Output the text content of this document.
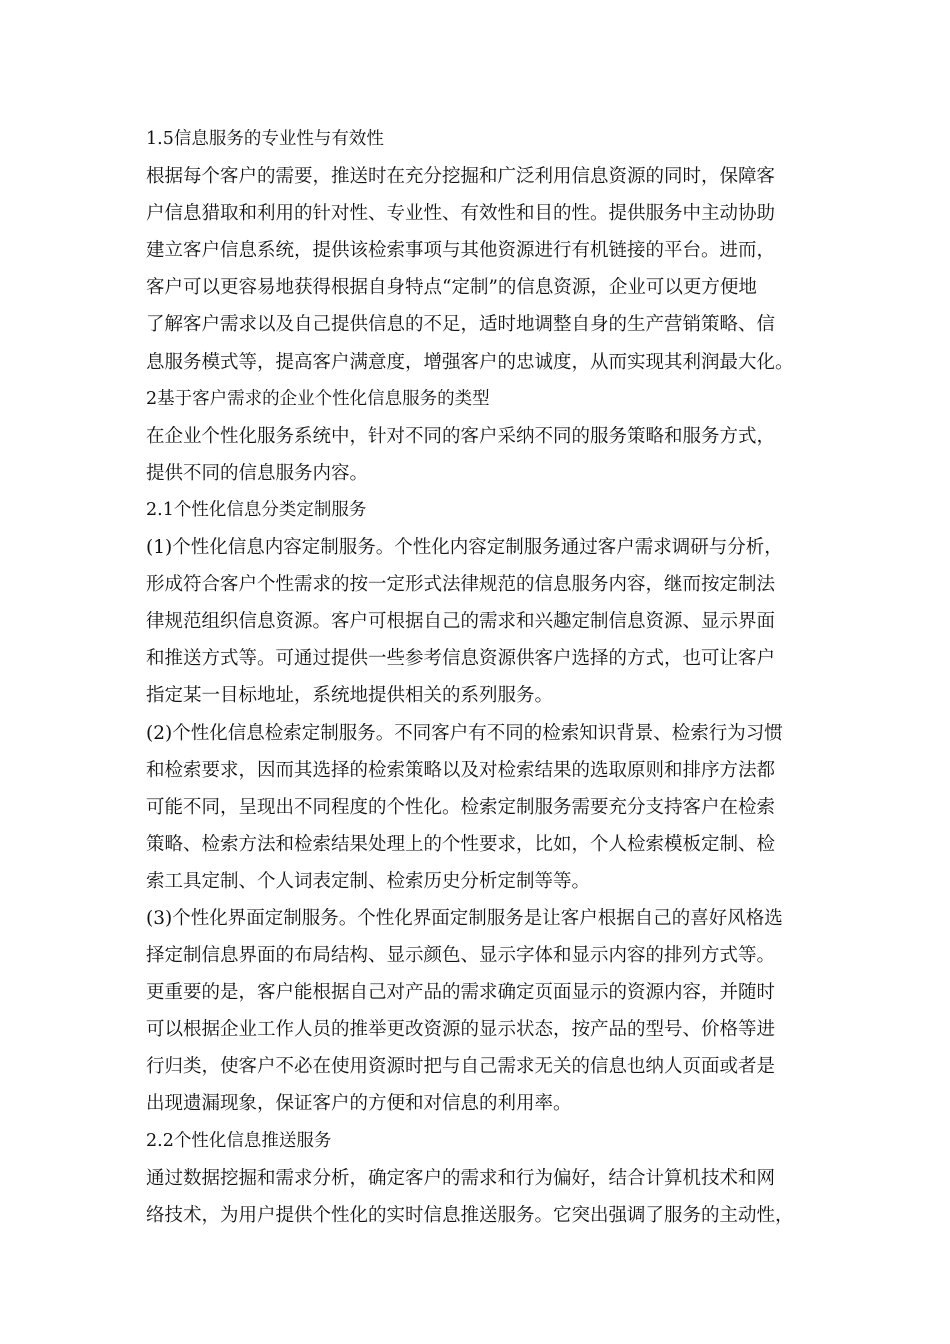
1.5信息服务的专业性与有效性
根据每个客户的需要，推送时在充分挖掘和广泛利用信息资源的同时，保障客
户信息猎取和利用的针对性、专业性、有效性和目的性。提供服务中主动协助
建立客户信息系统，提供该检索事项与其他资源进行有机链接的平台。进而，
客户可以更容易地获得根据自身特点“定制”的信息资源，企业可以更方便地
了解客户需求以及自己提供信息的不足，适时地调整自身的生产营销策略、信
息服务模式等，提高客户满意度，增强客户的忠诚度，从而实现其利润最大化。
2基于客户需求的企业个性化信息服务的类型
在企业个性化服务系统中，针对不同的客户采纳不同的服务策略和服务方式，
提供不同的信息服务内容。
2.1个性化信息分类定制服务
(1)个性化信息内容定制服务。个性化内容定制服务通过客户需求调研与分析，
形成符合客户个性需求的按一定形式法律规范的信息服务内容，继而按定制法
律规范组织信息资源。客户可根据自己的需求和兴趣定制信息资源、显示界面
和推送方式等。可通过提供一些参考信息资源供客户选择的方式，也可让客户
指定某一目标地址，系统地提供相关的系列服务。
(2)个性化信息检索定制服务。不同客户有不同的检索知识背景、检索行为习惯
和检索要求，因而其选择的检索策略以及对检索结果的选取原则和排序方法都
可能不同，呈现出不同程度的个性化。检索定制服务需要充分支持客户在检索
策略、检索方法和检索结果处理上的个性要求，比如，个人检索模板定制、检
索工具定制、个人词表定制、检索历史分析定制等等。
(3)个性化界面定制服务。个性化界面定制服务是让客户根据自己的喜好风格选
择定制信息界面的布局结构、显示颜色、显示字体和显示内容的排列方式等。
更重要的是，客户能根据自己对产品的需求确定页面显示的资源内容，并随时
可以根据企业工作人员的推举更改资源的显示状态，按产品的型号、价格等进
行归类，使客户不必在使用资源时把与自己需求无关的信息也纳人页面或者是
出现遗漏现象，保证客户的方便和对信息的利用率。
2.2个性化信息推送服务
通过数据挖掘和需求分析，确定客户的需求和行为偏好，结合计算机技术和网
络技术，为用户提供个性化的实时信息推送服务。它突出强调了服务的主动性，
